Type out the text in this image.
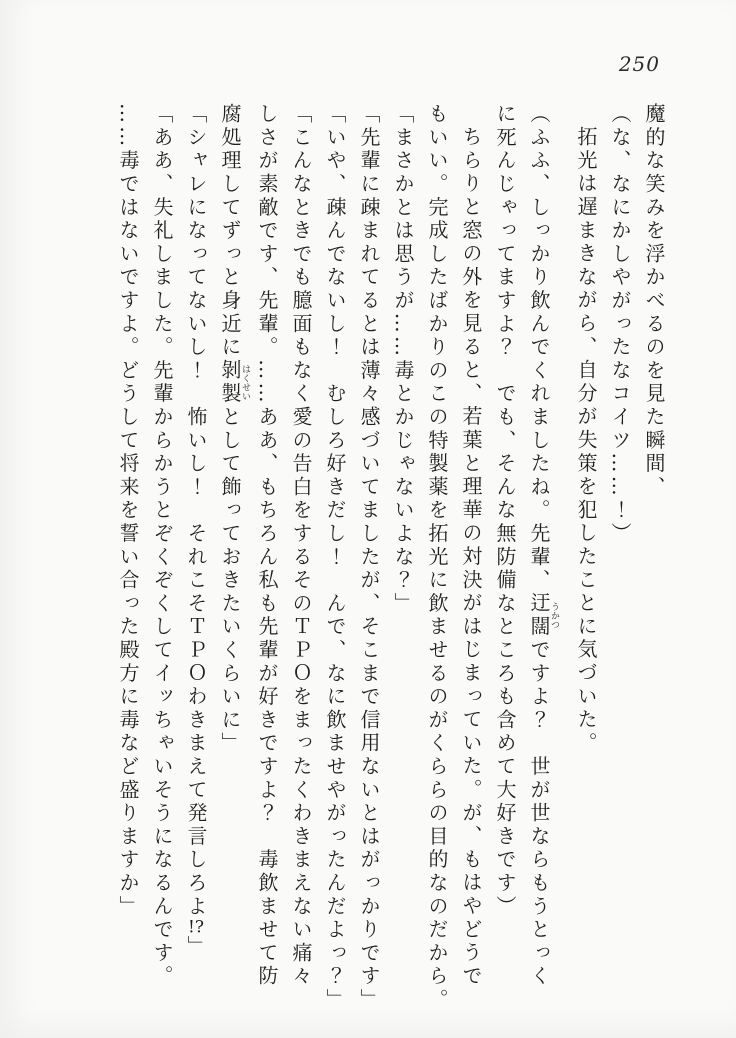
250
魔的な笑みを浮かべるのを見た瞬間、
（な、なにかしやがったなコイツ……！）
拓光は遅まきながら、自分が失策を犯したことに気づいた。
（ふふ、しっかり飲んでくれましたね。先輩、迂闊うかつですよ？　世が世ならもうとっく
に死んじゃってますよ？　でも、そんな無防備なところも含めて大好きです）
ちらりと窓の外を見ると、若葉と理華の対決がはじまっていた。が、もはやどうで
もいい。完成したばかりのこの特製薬を拓光に飲ませるのがくららの目的なのだから。
「まさかとは思うが……毒とかじゃないよな？」
「先輩に疎まれてるとは薄々感づいてましたが、そこまで信用ないとはがっかりです」
「いや、疎んでないし！　むしろ好きだし！　んで、なに飲ませやがったんだよっ？」
「こんなときでも臆面もなく愛の告白をするそのＴＰＯをまったくわきまえない痛々
しさが素敵です、先輩。……ああ、もちろん私も先輩が好きですよ？　毒飲ませて防
腐処理してずっと身近に剝製はくせいとして飾っておきたいくらいに」
「シャレになってないし！　怖いし！　それこそＴＰＯわきまえて発言しろよ!?」
「ああ、失礼しました。先輩からかうとぞくぞくしてイッちゃいそうになるんです。
……毒ではないですよ。どうして将来を誓い合った殿方に毒など盛りますか」
